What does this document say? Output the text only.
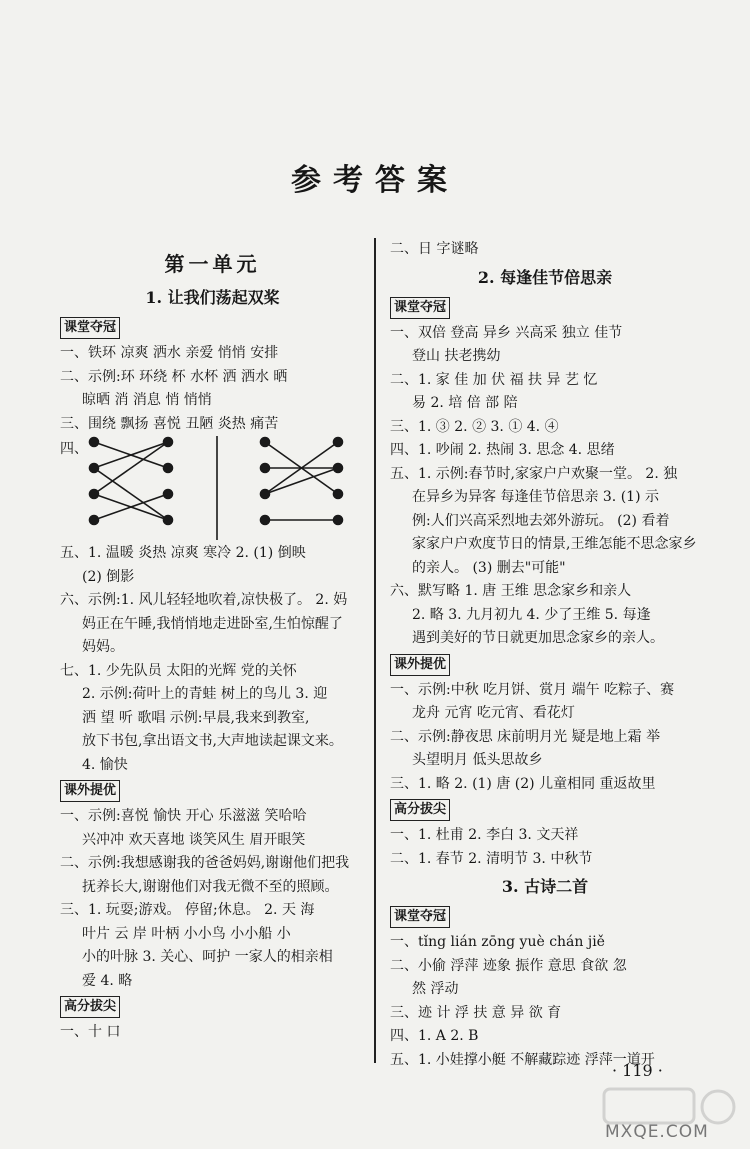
参考答案
第一单元
1. 让我们荡起双桨
课堂夺冠
一、铁环 凉爽 洒水 亲爱 悄悄 安排
二、示例:环 环绕 杯 水杯 洒 洒水 晒
晾晒 消 消息 悄 悄悄
三、围绕 飘扬 喜悦 丑陋 炎热 痛苦
四、
五、1. 温暖 炎热 凉爽 寒冷 2. (1) 倒映
(2) 倒影
六、示例:1. 风儿轻轻地吹着,凉快极了。 2. 妈
妈正在午睡,我悄悄地走进卧室,生怕惊醒了
妈妈。
七、1. 少先队员 太阳的光辉 党的关怀
2. 示例:荷叶上的青蛙 树上的鸟儿 3. 迎
洒 望 听 歌唱 示例:早晨,我来到教室,
放下书包,拿出语文书,大声地读起课文来。
4. 愉快
课外提优
一、示例:喜悦 愉快 开心 乐滋滋 笑哈哈
兴冲冲 欢天喜地 谈笑风生 眉开眼笑
二、示例:我想感谢我的爸爸妈妈,谢谢他们把我
抚养长大,谢谢他们对我无微不至的照顾。
三、1. 玩耍;游戏。 停留;休息。 2. 天 海
叶片 云 岸 叶柄 小小鸟 小小船 小
小的叶脉 3. 关心、呵护 一家人的相亲相
爱 4. 略
高分拔尖
一、十 口
二、日 字谜略
2. 每逢佳节倍思亲
课堂夺冠
一、双倍 登高 异乡 兴高采 独立 佳节
登山 扶老携幼
二、1. 家 佳 加 伏 福 扶 异 艺 忆
易 2. 培 倍 部 陪
三、1. ③ 2. ② 3. ① 4. ④
四、1. 吵闹 2. 热闹 3. 思念 4. 思绪
五、1. 示例:春节时,家家户户欢聚一堂。 2. 独
在异乡为异客 每逢佳节倍思亲 3. (1) 示
例:人们兴高采烈地去郊外游玩。 (2) 看着
家家户户欢度节日的情景,王维怎能不思念家乡
的亲人。 (3) 删去"可能"
六、默写略 1. 唐 王维 思念家乡和亲人
2. 略 3. 九月初九 4. 少了王维 5. 每逢
遇到美好的节日就更加思念家乡的亲人。
课外提优
一、示例:中秋 吃月饼、赏月 端午 吃粽子、赛
龙舟 元宵 吃元宵、看花灯
二、示例:静夜思 床前明月光 疑是地上霜 举
头望明月 低头思故乡
三、1. 略 2. (1) 唐 (2) 儿童相同 重返故里
高分拔尖
一、1. 杜甫 2. 李白 3. 文天祥
二、1. 春节 2. 清明节 3. 中秋节
3. 古诗二首
课堂夺冠
一、tǐng lián zōng yuè chán jiě
二、小偷 浮萍 迹象 振作 意思 食欲 忽
然 浮动
三、迹 计 浮 扶 意 异 欲 育
四、1. A 2. B
五、1. 小娃撑小艇 不解藏踪迹 浮萍一道开
· 119 ·
MXQE.COM
